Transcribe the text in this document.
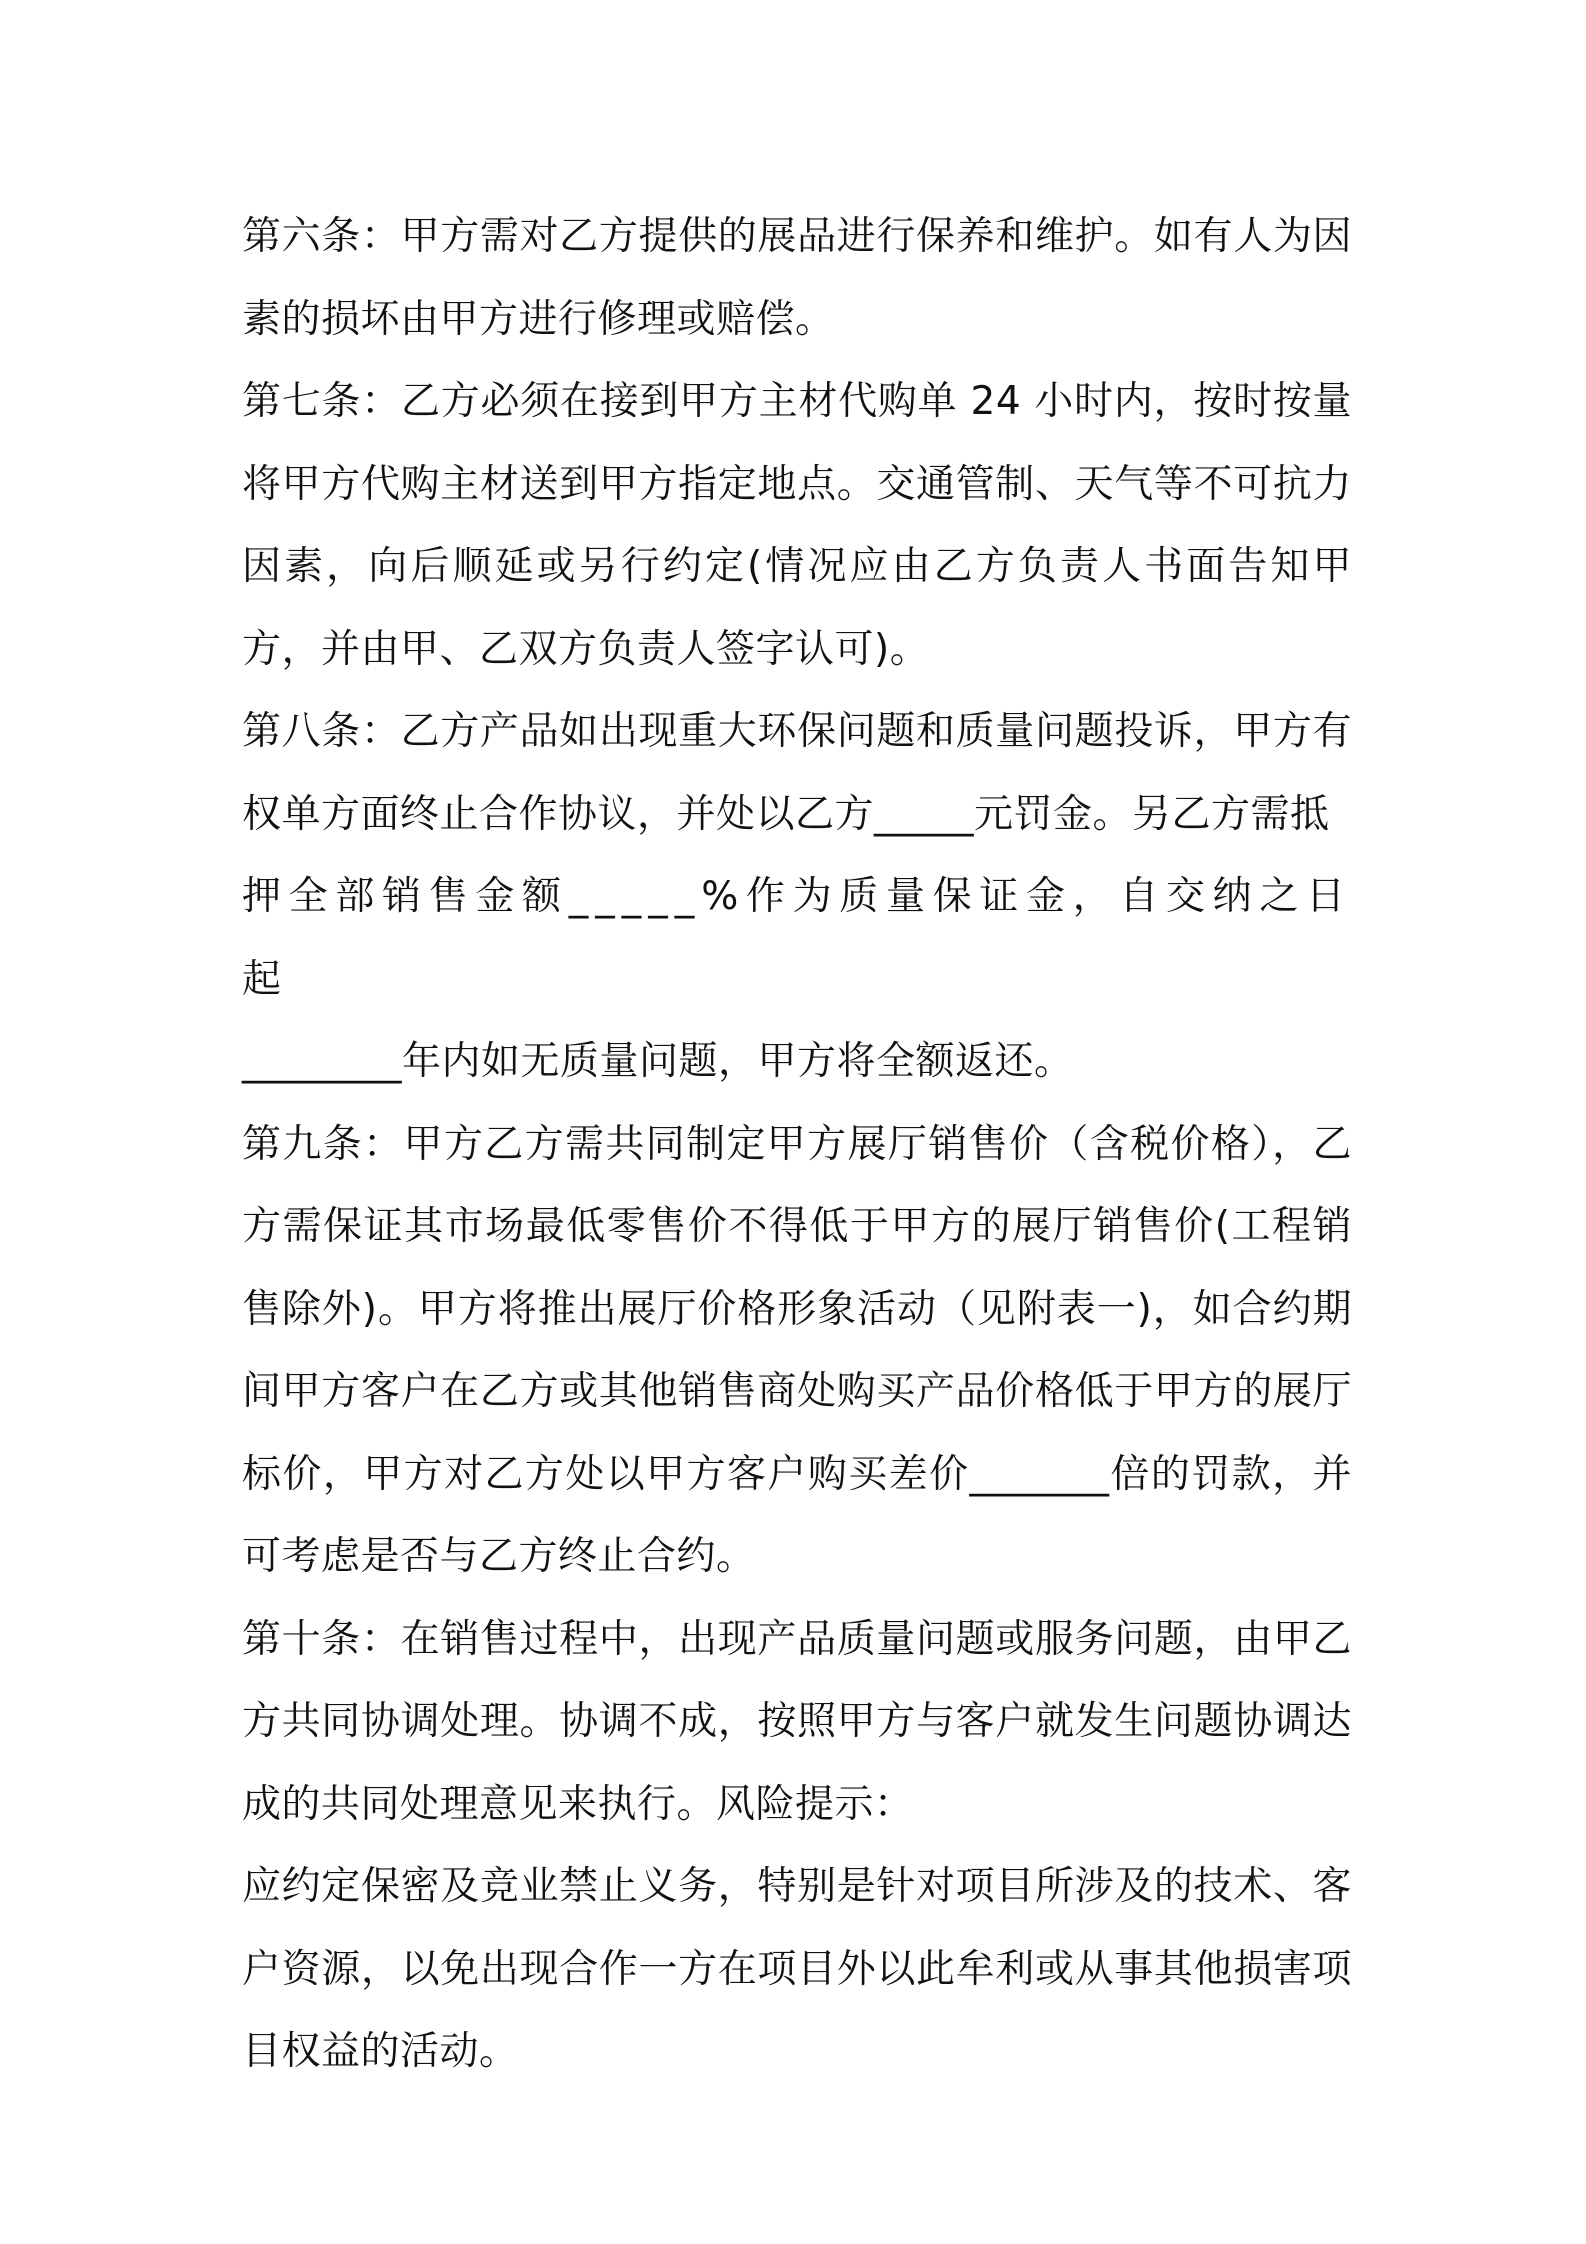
第六条：甲方需对乙方提供的展品进行保养和维护。如有人为因素的损坏由甲方进行修理或赔偿。

第七条：乙方必须在接到甲方主材代购单 24 小时内，按时按量将甲方代购主材送到甲方指定地点。交通管制、天气等不可抗力因素，向后顺延或另行约定(情况应由乙方负责人书面告知甲方，并由甲、乙双方负责人签字认可)。

第八条：乙方产品如出现重大环保问题和质量问题投诉，甲方有权单方面终止合作协议，并处以乙方_____元罚金。另乙方需抵

押全部销售金额_____%作为质量保证金，自交纳之日起

________年内如无质量问题，甲方将全额返还。

第九条：甲方乙方需共同制定甲方展厅销售价（含税价格），乙方需保证其市场最低零售价不得低于甲方的展厅销售价(工程销售除外)。甲方将推出展厅价格形象活动（见附表一)，如合约期间甲方客户在乙方或其他销售商处购买产品价格低于甲方的展厅标价，甲方对乙方处以甲方客户购买差价_______倍的罚款，并可考虑是否与乙方终止合约。

第十条：在销售过程中，出现产品质量问题或服务问题，由甲乙方共同协调处理。协调不成，按照甲方与客户就发生问题协调达成的共同处理意见来执行。风险提示：

应约定保密及竞业禁止义务，特别是针对项目所涉及的技术、客户资源，以免出现合作一方在项目外以此牟利或从事其他损害项目权益的活动。
